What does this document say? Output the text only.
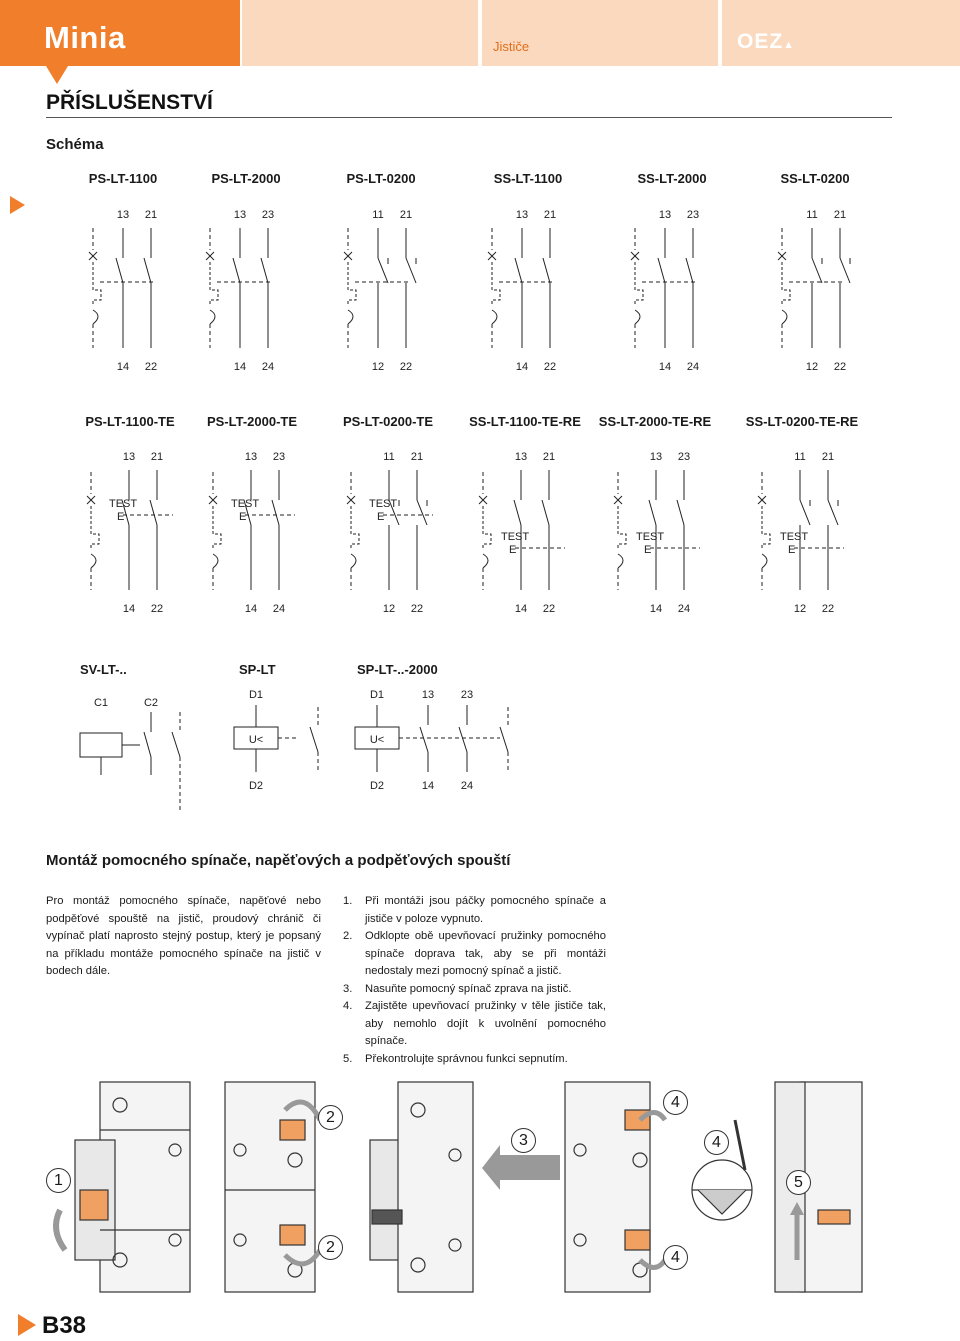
Minia	Jističe	OEZ▲
PŘÍSLUŠENSTVÍ
Schéma
PS-LT-1100	PS-LT-2000	PS-LT-0200	SS-LT-1100	SS-LT-2000	SS-LT-0200
PS-LT-1100-TE PS-LT-2000-TE	PS-LT-0200-TE	SS-LT-1100-TE-RE SS-LT-2000-TE-RE	SS-LT-0200-TE-RE
SV-LT-..	SP-LT	SP-LT-..-2000
13 21
14 22
13 23
14 24
11 21
12 22
13 21
14 22
13 23
14 24
11 21
12 22
TEST
E
13 21
14 22
TEST
E
13 23
14 24
TEST
E
11 21
12 22
TEST
E
13 21
14 22
TEST
E
13 23
14 24
TEST
E
11 21
12 22
C1	C2
D1
D2
U<
D1	13 23
D2	14 24
U<
Montáž pomocného spínače, napěťových a podpěťových spouští
Pro montáž pomocného spínače, napěťové nebo podpěťové spouště na jistič, proudový chránič či vypínač platí naprosto stejný postup, který je popsaný na příkladu montáže pomocného spínače na jistič v bodech dále.
1. Při montáži jsou páčky pomocného spínače a jističe v poloze vypnuto.
2. Odklopte obě upevňovací pružinky pomocného spínače doprava tak, aby se při montáži nedostaly mezi pomocný spínač a jistič.
3. Nasuňte pomocný spínač zprava na jistič.
4. Zajistěte upevňovací pružinky v těle jističe tak, aby nemohlo dojít k uvolnění pomocného spínače.
5. Překontrolujte správnou funkci sepnutím.
1
2
2
3
4
4
4
5
B38
